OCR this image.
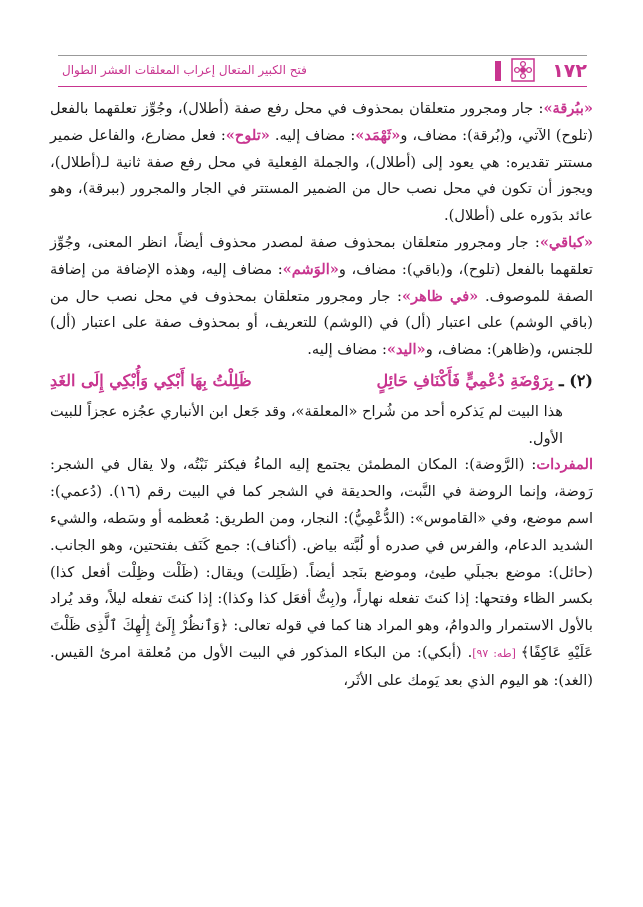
١٧٢
فتح الكبير المتعال إعراب المعلقات العشر الطوال

«ببُرقة»: جار ومجرور متعلقان بمحذوف في محل رفع صفة (أطلال)، وجُوِّز تعلقهما بالفعل (تلوح) الآتي، و(بُرقة): مضاف، و«ثَهْمَد»: مضاف إليه. «تلوح»: فعل مضارع، والفاعل ضمير مستتر تقديره: هي يعود إلى (أطلال)، والجملة الفِعلية في محل رفع صفة ثانية لـ(أطلال)، ويجوز أن تكون في محل نصب حال من الضمير المستتر في الجار والمجرور (ببرقة)، وهو عائد بدَوره على (أطلال).

«كباقي»: جار ومجرور متعلقان بمحذوف صفة لمصدر محذوف أيضاً، انظر المعنى، وجُوِّز تعلقهما بالفعل (تلوح)، و(باقي): مضاف، و«الوَشم»: مضاف إليه، وهذه الإضافة من إضافة الصفة للموصوف. «في ظاهر»: جار ومجرور متعلقان بمحذوف في محل نصب حال من (باقي الوشم) على اعتبار (أل) في (الوشم) للتعريف، أو بمحذوف صفة على اعتبار (أل) للجنس، و(ظاهر): مضاف، و«اليد»: مضاف إليه.

(٢) ـ بِرَوْضَةِ دُعْمِيٍّ فَأَكْنَافِ حَائِلٍ
ظَلِلْتُ بِهَا أَبْكِي وَأُبْكِي إِلَى الغَدِ

هذا البيت لم يَذكره أحد من شُراح «المعلقة»، وقد جَعل ابن الأنباري عجُزه عجزاً للبيت الأول.

المفردات: (الرَّوضة): المكان المطمئن يجتمع إليه الماءُ فيكثر نَبْتُه، ولا يقال في الشجر: رَوضة، وإنما الروضة في النَّبت، والحديقة في الشجر كما في البيت رقم (١٦). (دُعمي): اسم موضع، وفي «القاموس»: (الدُّعْمِيُّ): النجار، ومن الطريق: مُعظمه أو وسَطه، والشيء الشديد الدعام، والفرس في صدره أو لُبَّته بياض. (أكناف): جمع كَنَف بفتحتين، وهو الجانب. (حائل): موضع بجبلَي طيئ، وموضع بنَجد أيضاً. (ظَلِلت) ويقال: (ظَلْت وظِلْت أفعل كذا) بكسر الظاء وفتحها: إذا كنتَ تفعله نهاراً، و(بِتُّ أفعَل كذا وكذا): إذا كنتَ تفعله ليلاً، وقد يُراد بالأول الاستمرار والدوامُ، وهو المراد هنا كما في قوله تعالى: ﴿وَٱنظُرْ إِلَىٰٓ إِلَٰهِكَ ٱلَّذِى ظَلْتَ عَلَيْهِ عَاكِفًا﴾ [طه: ٩٧]. (أبكي): من البكاء المذكور في البيت الأول من مُعلقة امرئ القيس. (الغد): هو اليوم الذي بعد يَومك على الأثَر،
